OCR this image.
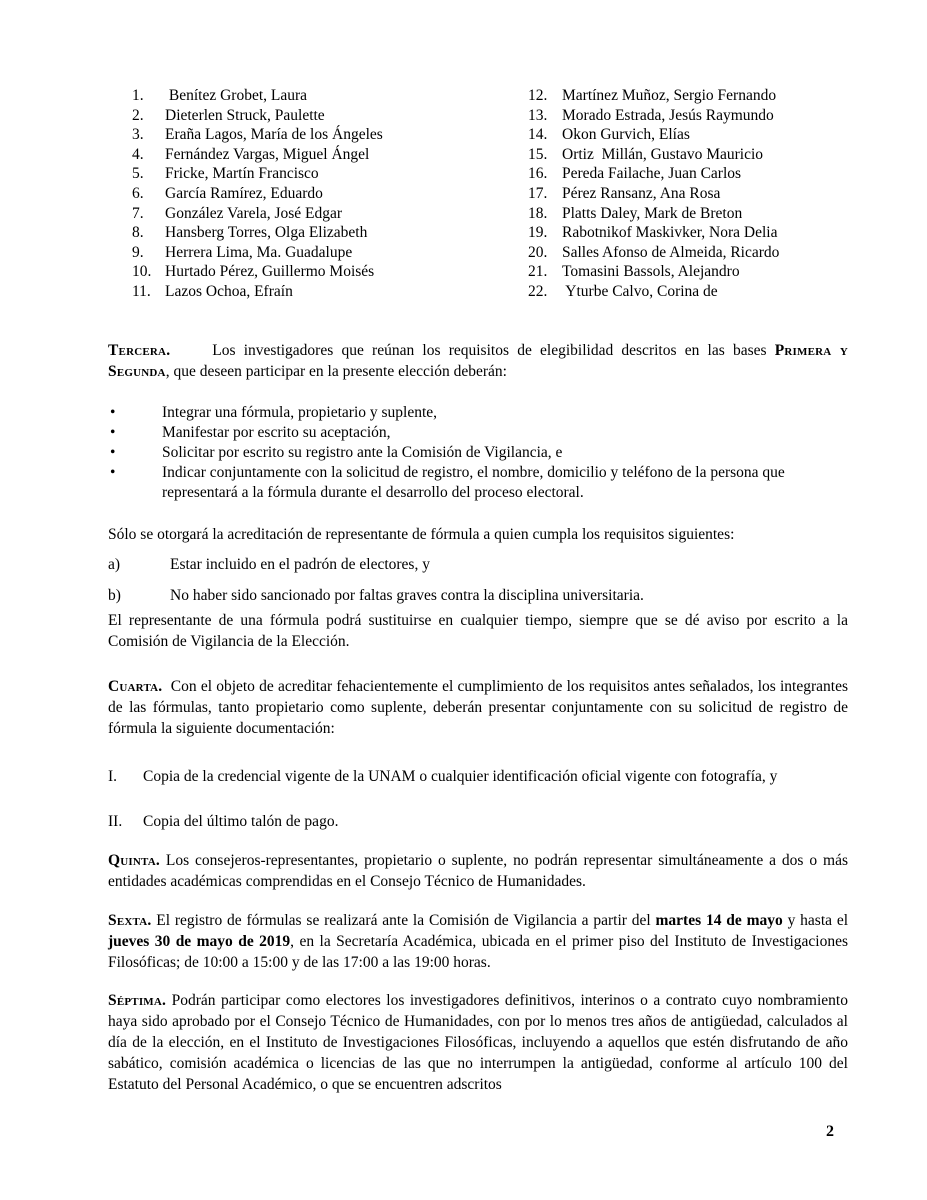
1.	Benítez Grobet, Laura
2.	Dieterlen Struck, Paulette
3.	Eraña Lagos, María de los Ángeles
4.	Fernández Vargas, Miguel Ángel
5.	Fricke, Martín Francisco
6.	García Ramírez, Eduardo
7.	González Varela, José Edgar
8.	Hansberg Torres, Olga Elizabeth
9.	Herrera Lima, Ma. Guadalupe
10. Hurtado Pérez, Guillermo Moisés
11. Lazos Ochoa, Efraín
12. Martínez Muñoz, Sergio Fernando
13. Morado Estrada, Jesús Raymundo
14. Okon Gurvich, Elías
15. Ortiz  Millán, Gustavo Mauricio
16. Pereda Failache, Juan Carlos
17. Pérez Ransanz, Ana Rosa
18. Platts Daley, Mark de Breton
19. Rabotnikof Maskivker, Nora Delia
20. Salles Afonso de Almeida, Ricardo
21. Tomasini Bassols, Alejandro
22. Yturbe Calvo, Corina de
Tercera.	Los investigadores que reúnan los requisitos de elegibilidad descritos en las bases Primera y Segunda, que deseen participar en la presente elección deberán:
•	Integrar una fórmula, propietario y suplente,
•	Manifestar por escrito su aceptación,
•	Solicitar por escrito su registro ante la Comisión de Vigilancia, e
•	Indicar conjuntamente con la solicitud de registro, el nombre, domicilio y teléfono de la persona que representará a la fórmula durante el desarrollo del proceso electoral.
Sólo se otorgará la acreditación de representante de fórmula a quien cumpla los requisitos siguientes:
a)	Estar incluido en el padrón de electores, y
b)	No haber sido sancionado por faltas graves contra la disciplina universitaria.
El representante de una fórmula podrá sustituirse en cualquier tiempo, siempre que se dé aviso por escrito a la Comisión de Vigilancia de la Elección.
Cuarta. Con el objeto de acreditar fehacientemente el cumplimiento de los requisitos antes señalados, los integrantes de las fórmulas, tanto propietario como suplente, deberán presentar conjuntamente con su solicitud de registro de fórmula la siguiente documentación:
I.	Copia de la credencial vigente de la UNAM o cualquier identificación oficial vigente con fotografía, y
II.	Copia del último talón de pago.
Quinta. Los consejeros-representantes, propietario o suplente, no podrán representar simultáneamente a dos o más entidades académicas comprendidas en el Consejo Técnico de Humanidades.
Sexta. El registro de fórmulas se realizará ante la Comisión de Vigilancia a partir del martes 14 de mayo y hasta el jueves 30 de mayo de 2019, en la Secretaría Académica, ubicada en el primer piso del Instituto de Investigaciones Filosóficas; de 10:00 a 15:00 y de las 17:00 a las 19:00 horas.
Séptima. Podrán participar como electores los investigadores definitivos, interinos o a contrato cuyo nombramiento haya sido aprobado por el Consejo Técnico de Humanidades, con por lo menos tres años de antigüedad, calculados al día de la elección, en el Instituto de Investigaciones Filosóficas, incluyendo a aquellos que estén disfrutando de año sabático, comisión académica o licencias de las que no interrumpen la antigüedad, conforme al artículo 100 del Estatuto del Personal Académico, o que se encuentren adscritos
2
